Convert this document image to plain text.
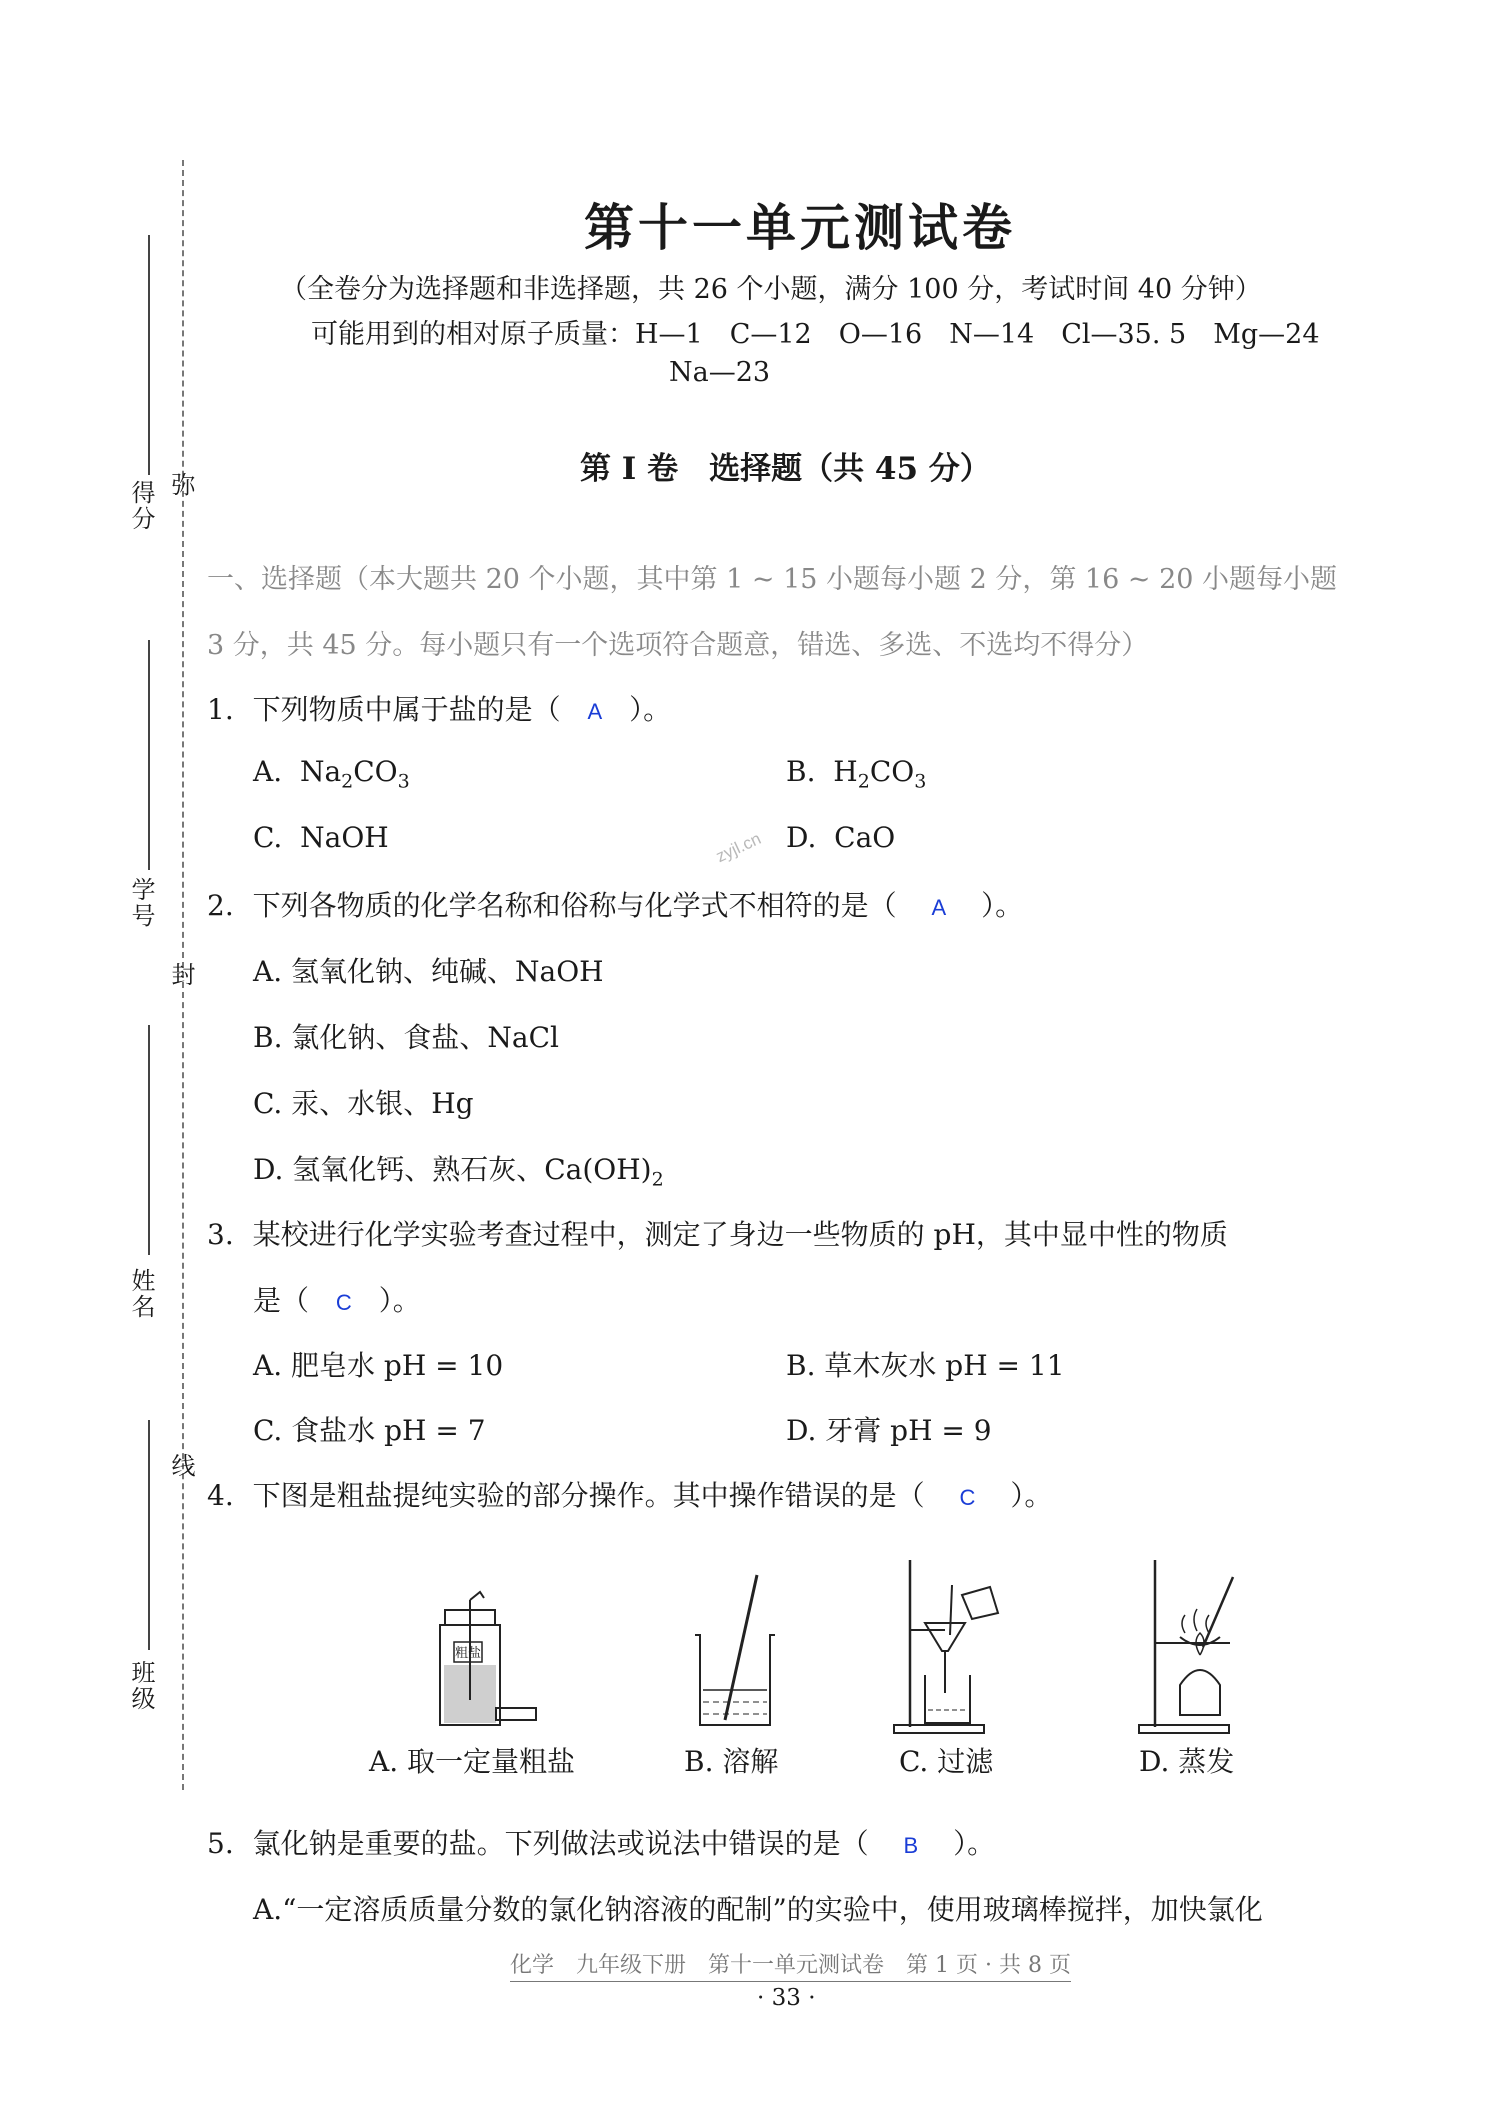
得分 弥
学号
封
姓名
线
班级
第十一单元测试卷
（全卷分为选择题和非选择题，共 26 个小题，满分 100 分，考试时间 40 分钟）
可能用到的相对原子质量：H—1　C—12　O—16　N—14　Cl—35. 5　Mg—24
Na—23
第 Ⅰ 卷　选择题（共 45 分）
一、选择题（本大题共 20 个小题，其中第 1 ~ 15 小题每小题 2 分，第 16 ~ 20 小题每小题
3 分，共 45 分。每小题只有一个选项符合题意，错选、多选、不选均不得分）
1. 下列物质中属于盐的是（ A ）。
A. $Na_2CO_3$	B. $H_2CO_3$
C. NaOH	D. CaO
zyjl.cn
2. 下列各物质的化学名称和俗称与化学式不相符的是（ A ）。
A. 氢氧化钠、纯碱、NaOH
B. 氯化钠、食盐、NaCl
C. 汞、水银、Hg
D. 氢氧化钙、熟石灰、$Ca(OH)_2$
3. 某校进行化学实验考查过程中，测定了身边一些物质的 pH，其中显中性的物质
是（ C ）。
A. 肥皂水 pH = 10	B. 草木灰水 pH = 11
C. 食盐水 pH = 7	D. 牙膏 pH = 9
4. 下图是粗盐提纯实验的部分操作。其中操作错误的是（ C ）。
粗盐
A. 取一定量粗盐	B. 溶解	C. 过滤	D. 蒸发
5. 氯化钠是重要的盐。下列做法或说法中错误的是（ B ）。
A.“一定溶质质量分数的氯化钠溶液的配制”的实验中，使用玻璃棒搅拌，加快氯化
化学　九年级下册　第十一单元测试卷　第 1 页 · 共 8 页
· 33 ·
